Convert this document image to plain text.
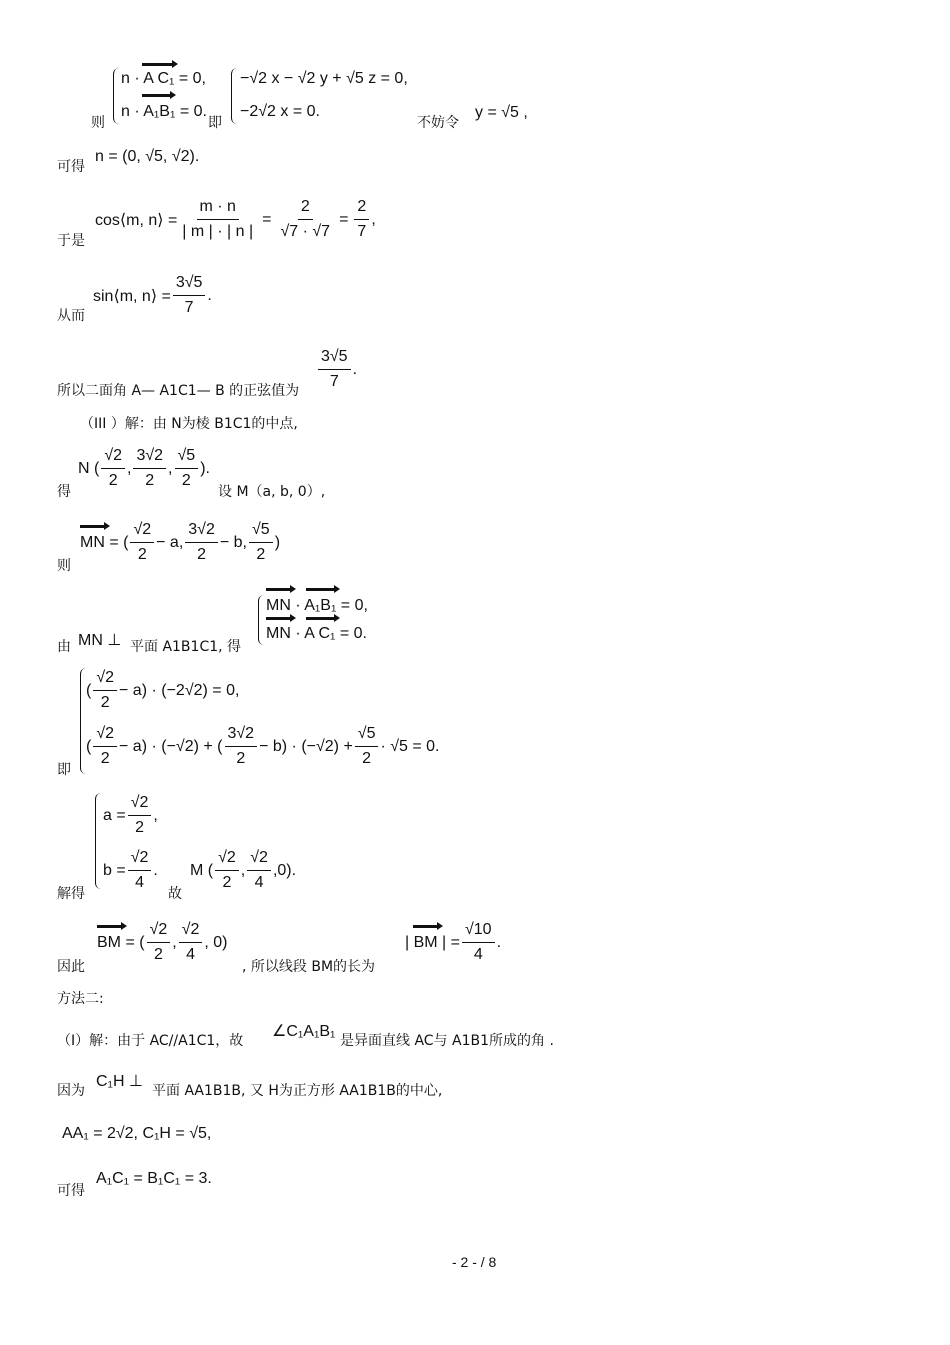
n · A C₁ = 0,
n · A₁B₁ = 0.
则	即
−√2 x − √2 y + √5 z = 0,
−2√2 x = 0.
不妨令
y = √5 ,
可得
n = (0, √5, √2).
于是
cos⟨m, n⟩ = $\frac{m \cdot n}{| m | \cdot | n |} = \frac{2}{√7 \cdot √7} = \frac{2}{7}$ ,
从而
sin⟨m, n⟩ = $\frac{3√5}{7}$ .
所以二面角 A— A1C1— B 的正弦值为 $\frac{3√5}{7}$ .
（III ）解：由 N为棱 B1C1的中点,
得
N ( $\frac{√2}{2}$ , $\frac{3√2}{2}$ , $\frac{√5}{2}$ ).
设 M（a, b, 0）,
则
MN = ( $\frac{√2}{2} - a$, $\frac{3√2}{2} - b$, $\frac{√5}{2}$ )
由 MN ⊥ 平面 A1B1C1, 得
MN · A₁B₁ = 0,
MN · A C₁ = 0.
即
( $\frac{√2}{2} - a) \cdot (-2√2) = 0$,
( $\frac{√2}{2} - a) \cdot (-√2)$ + ( $\frac{3√2}{2} - b) \cdot (-√2) + \frac{√5}{2} \cdot √5 = 0$.
解得
$a = \frac{√2}{2}$ ,
$b = \frac{√2}{4}$ .
故
M ( $\frac{√2}{2}$ , $\frac{√2}{4} ,0$).
因此
BM = ( $\frac{√2}{2}$ , $\frac{√2}{4}$ , 0)
, 所以线段 BM的长为
| BM | = $\frac{√10}{4}$ .
方法二:
（I）解：由于 AC//A1C1，故
∠C₁A₁B₁
是异面直线 AC与 A1B1所成的角 .
因为
C₁H ⊥
平面 AA1B1B, 又 H为正方形 AA1B1B的中心,
AA₁ = 2√2, C₁H = √5,
可得
A₁C₁ = B₁C₁ = 3.
- 2 - / 8
